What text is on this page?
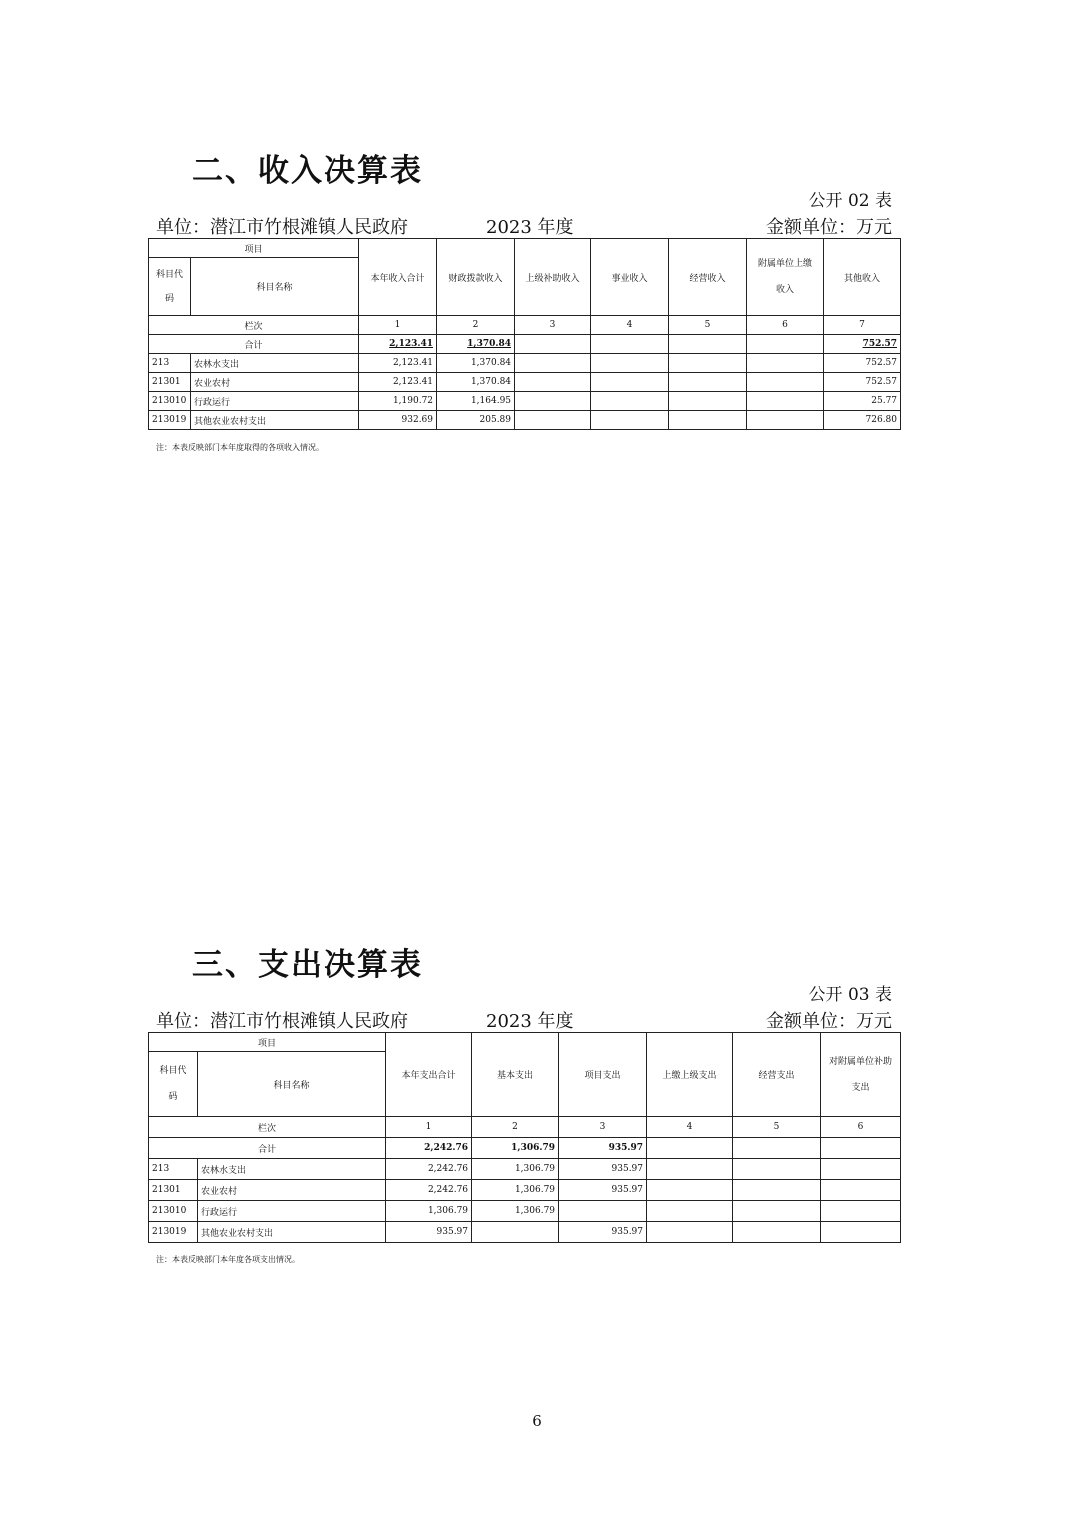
二、收入决算表
公开 02 表
单位：潜江市竹根滩镇人民政府	2023 年度	金额单位：万元
项目		本年收入合计	财政拨款收入	上级补助收入	事业收入	经营收入	附属单位上缴收入	其他收入
科目代码	科目名称							
栏次		1	2	3	4	5	6	7
合计		2,123.41	1,370.84					752.57
213	农林水支出	2,123.41	1,370.84					752.57
21301	农业农村	2,123.41	1,370.84					752.57
213010	行政运行	1,190.72	1,164.95					25.77
213019	其他农业农村支出	932.69	205.89					726.80
注：本表反映部门本年度取得的各项收入情况。
三、支出决算表
公开 03 表
单位：潜江市竹根滩镇人民政府	2023 年度	金额单位：万元
项目		本年支出合计	基本支出	项目支出	上缴上级支出	经营支出	对附属单位补助支出
科目代码	科目名称						
栏次		1	2	3	4	5	6
合计		2,242.76	1,306.79	935.97			
213	农林水支出	2,242.76	1,306.79	935.97			
21301	农业农村	2,242.76	1,306.79	935.97			
213010	行政运行	1,306.79	1,306.79				
213019	其他农业农村支出	935.97		935.97			
注：本表反映部门本年度各项支出情况。
6
